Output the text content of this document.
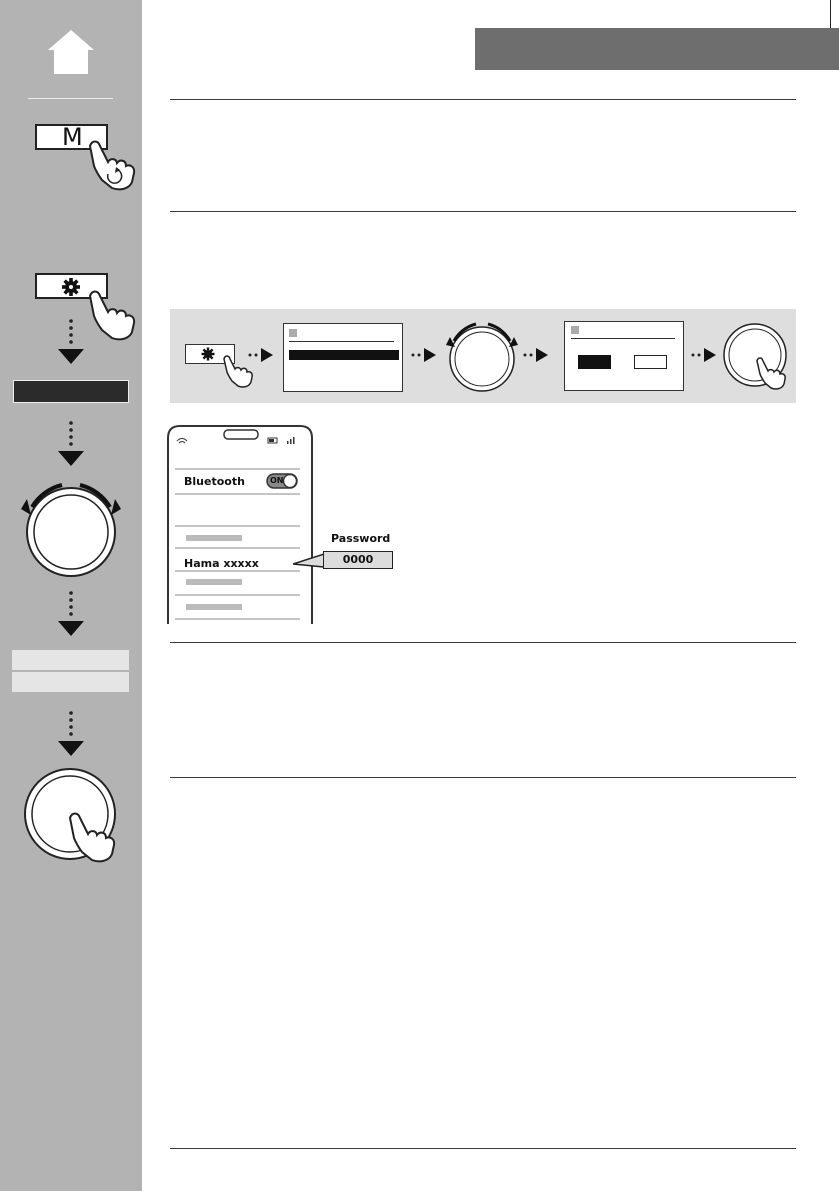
M
Bluetooth	ON
Hama xxxxx
Password
0000
